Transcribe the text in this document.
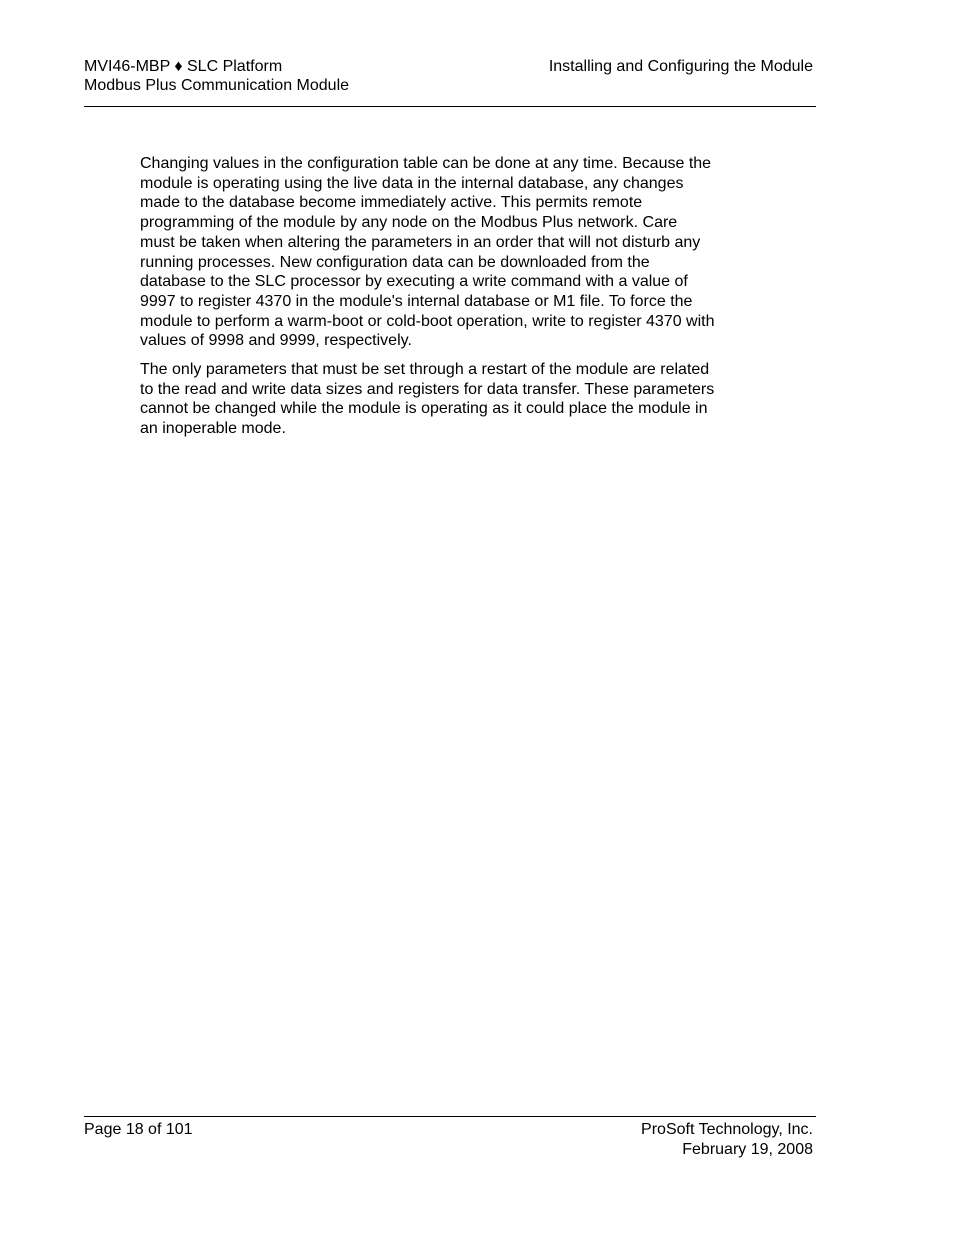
MVI46-MBP ♦ SLC Platform
Modbus Plus Communication Module
Installing and Configuring the Module

Changing values in the configuration table can be done at any time. Because the
module is operating using the live data in the internal database, any changes
made to the database become immediately active. This permits remote
programming of the module by any node on the Modbus Plus network. Care
must be taken when altering the parameters in an order that will not disturb any
running processes. New configuration data can be downloaded from the
database to the SLC processor by executing a write command with a value of
9997 to register 4370 in the module's internal database or M1 file. To force the
module to perform a warm-boot or cold-boot operation, write to register 4370 with
values of 9998 and 9999, respectively.

The only parameters that must be set through a restart of the module are related
to the read and write data sizes and registers for data transfer. These parameters
cannot be changed while the module is operating as it could place the module in
an inoperable mode.

Page 18 of 101	ProSoft Technology, Inc.
February 19, 2008
